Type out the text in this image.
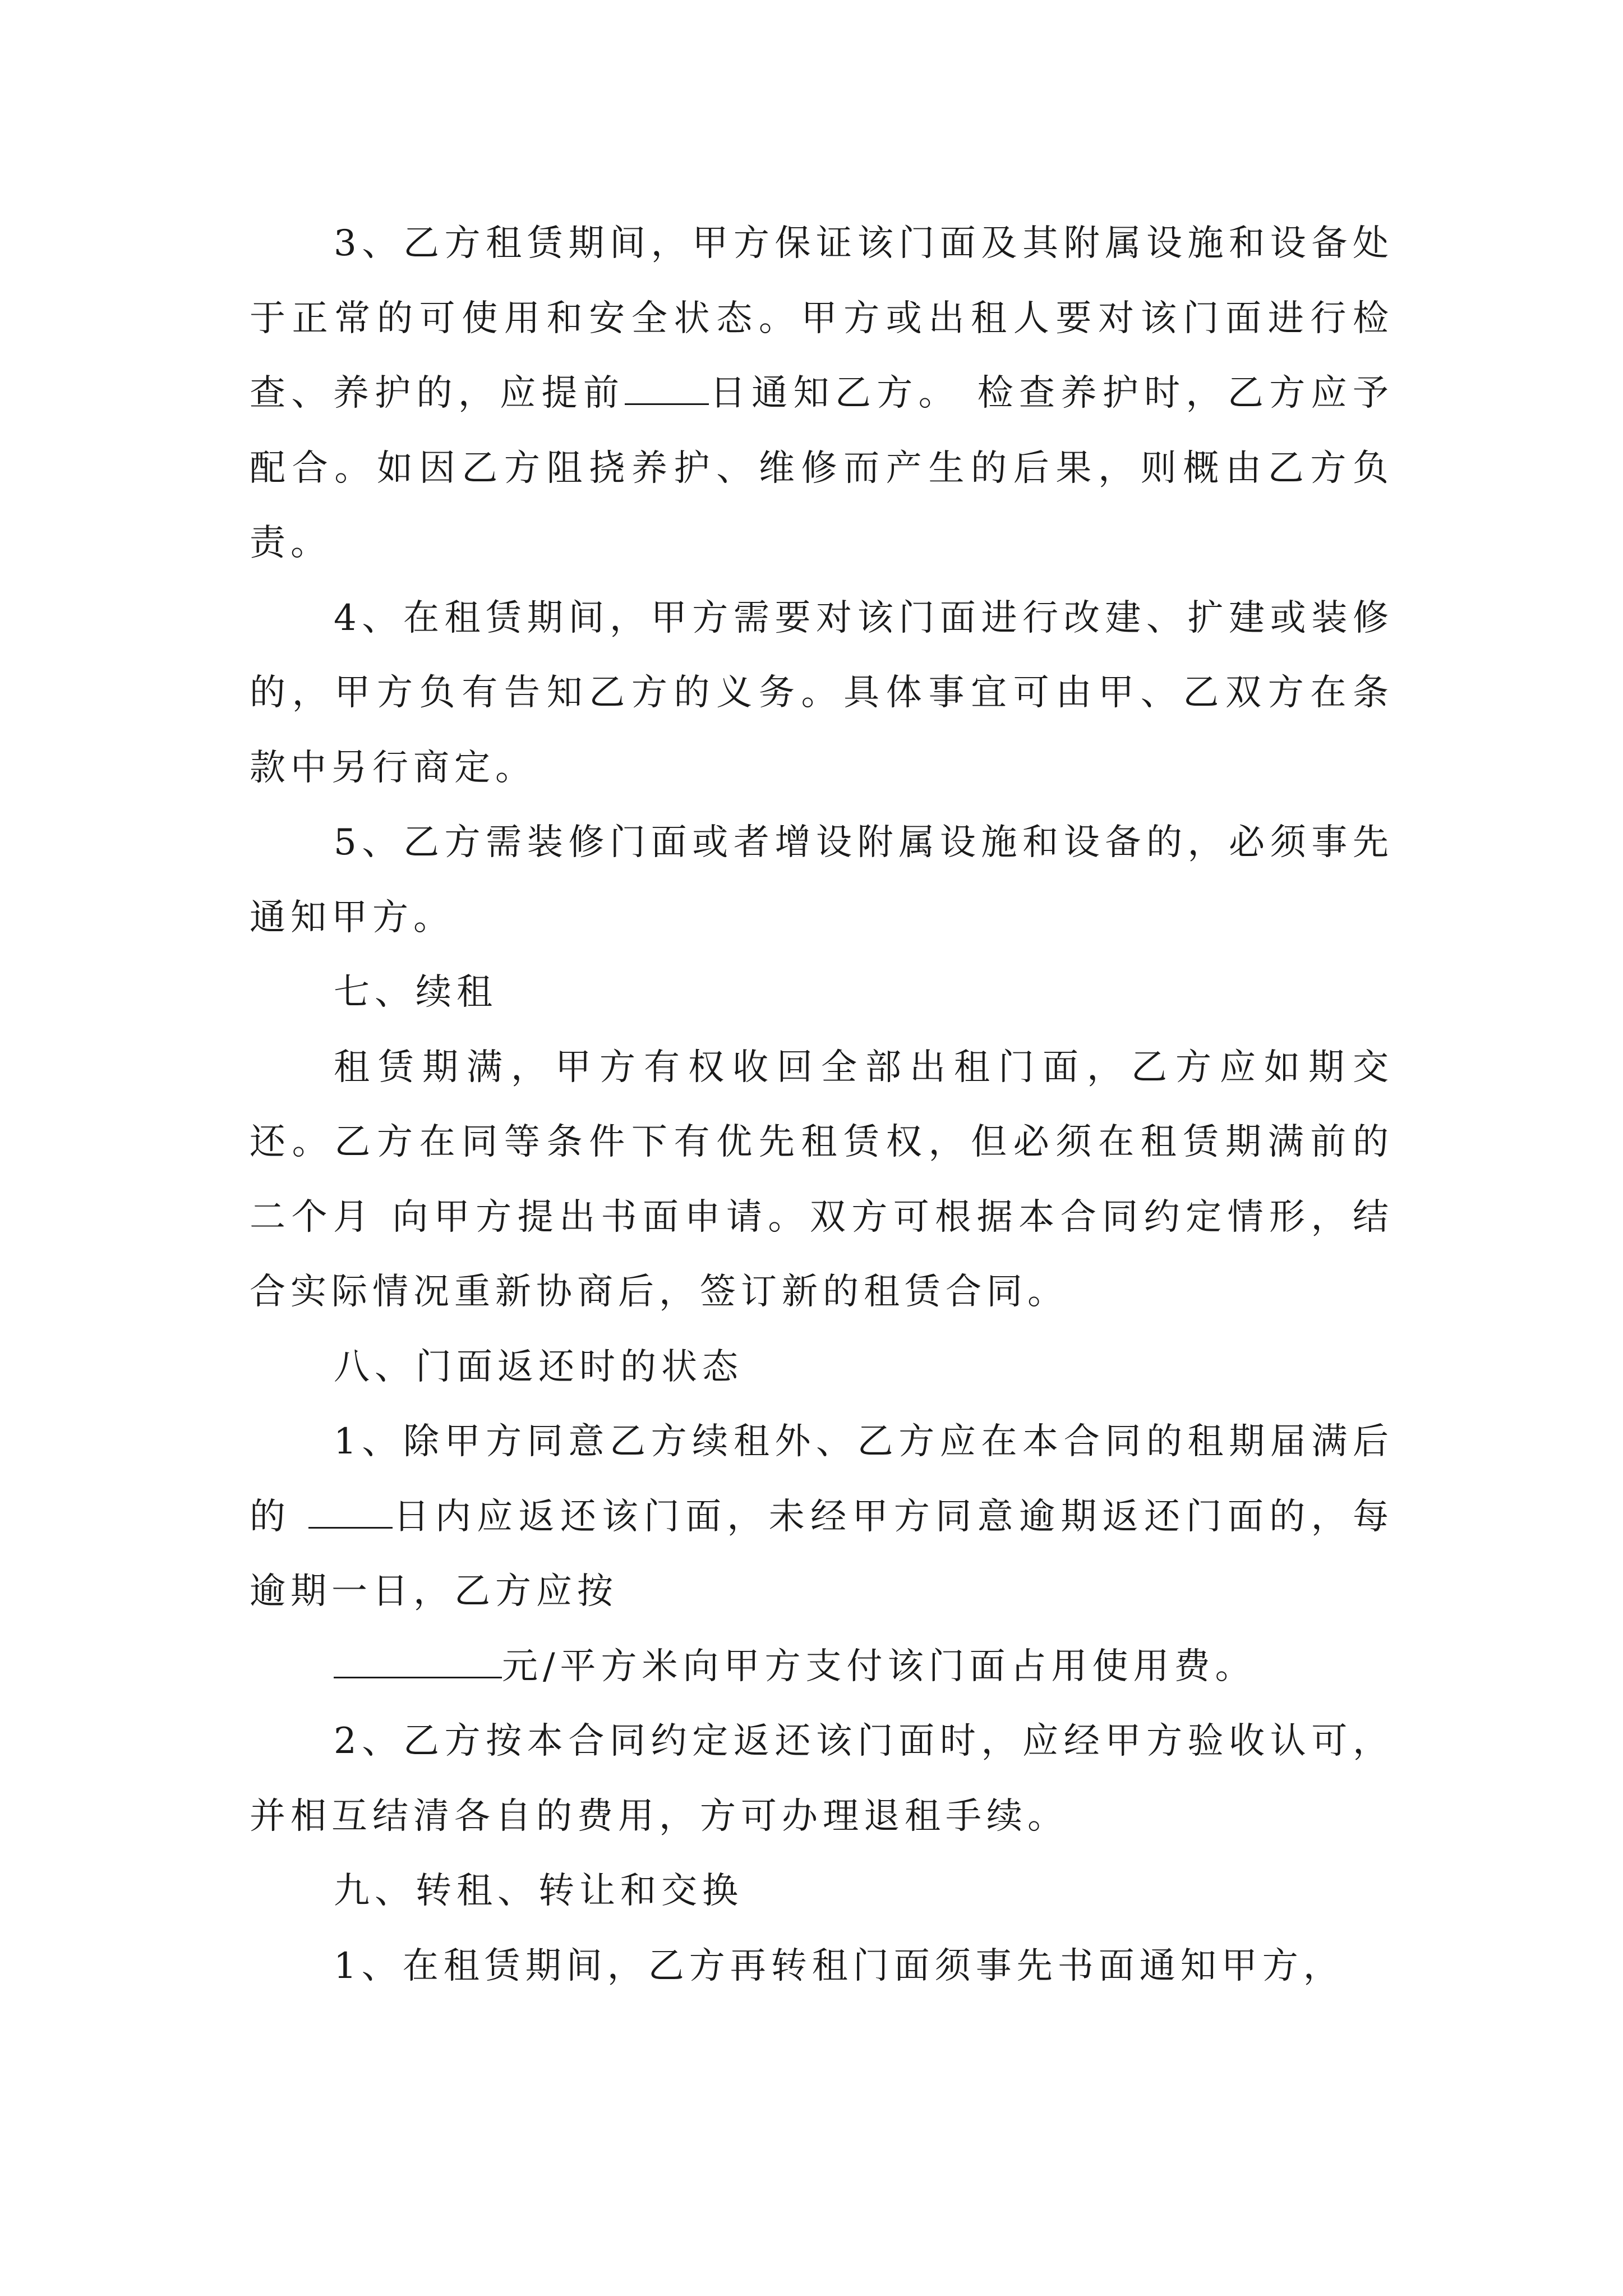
3、乙方租赁期间，甲方保证该门面及其附属设施和设备处于正常的可使用和安全状态。甲方或出租人要对该门面进行检查、养护的，应提前 日通知乙方。 检查养护时，乙方应予配合。如因乙方阻挠养护、维修而产生的后果，则概由乙方负责。

4、在租赁期间，甲方需要对该门面进行改建、扩建或装修的，甲方负有告知乙方的义务。具体事宜可由甲、乙双方在条款中另行商定。

5、乙方需装修门面或者增设附属设施和设备的，必须事先通知甲方。

七、续租

租赁期满，甲方有权收回全部出租门面，乙方应如期交还。乙方在同等条件下有优先租赁权，但必须在租赁期满前的二个月 向甲方提出书面申请。双方可根据本合同约定情形，结合实际情况重新协商后，签订新的租赁合同。

八、门面返还时的状态

1、除甲方同意乙方续租外、乙方应在本合同的租期届满后的 日内应返还该门面，未经甲方同意逾期返还门面的，每逾期一日，乙方应按

元/平方米向甲方支付该门面占用使用费。

2、乙方按本合同约定返还该门面时，应经甲方验收认可，并相互结清各自的费用，方可办理退租手续。

九、转租、转让和交换

1、在租赁期间，乙方再转租门面须事先书面通知甲方，
